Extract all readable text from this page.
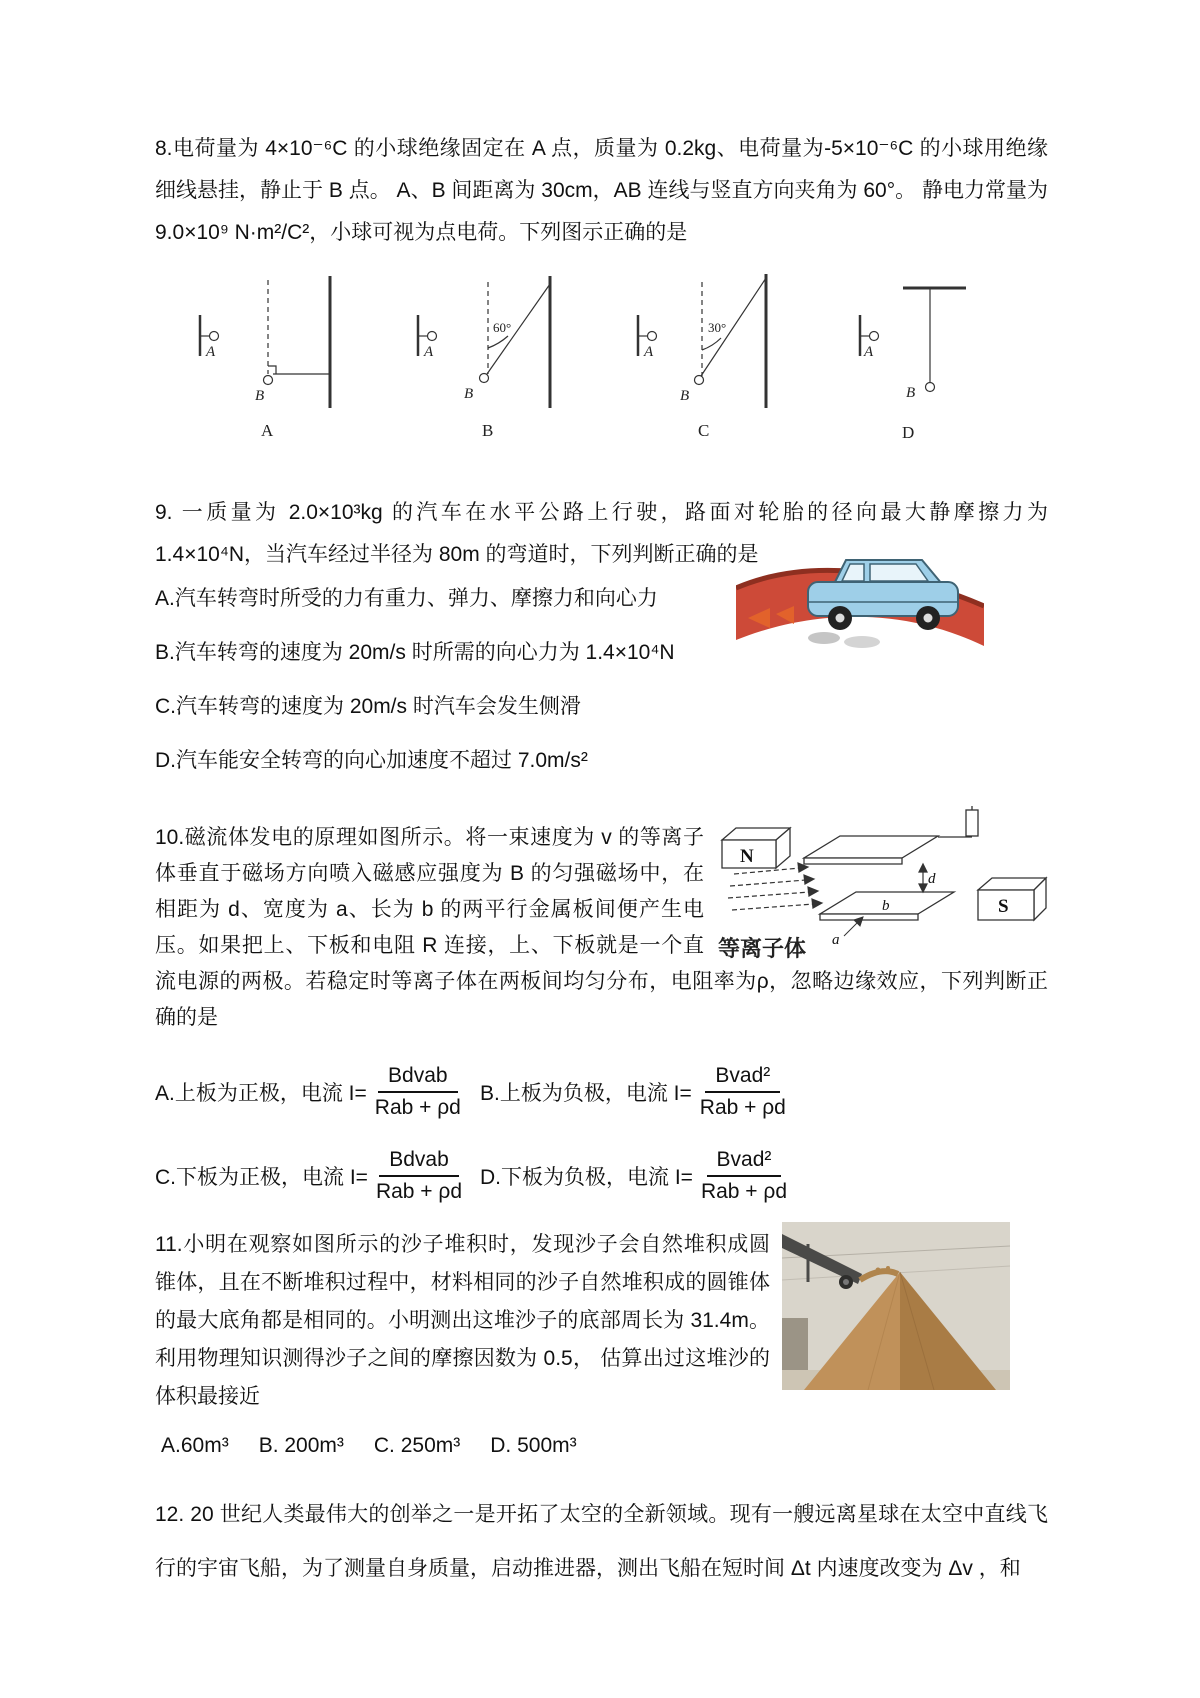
8.电荷量为 4×10⁻⁶C 的小球绝缘固定在 A 点，质量为 0.2kg、电荷量为-5×10⁻⁶C 的小球用绝缘细线悬挂，静止于 B 点。 A、B 间距离为 30cm，AB 连线与竖直方向夹角为 60°。 静电力常量为 9.0×10⁹ N·m²/C²，小球可视为点电荷。下列图示正确的是

A
B
A
A
B
60°
B
A
B
30°
C
A
B
D

9. 一质量为 2.0×10³kg 的汽车在水平公路上行驶，路面对轮胎的径向最大静摩擦力为 1.4×10⁴N，当汽车经过半径为 80m 的弯道时，下列判断正确的是

A.汽车转弯时所受的力有重力、弹力、摩擦力和向心力

B.汽车转弯的速度为 20m/s 时所需的向心力为 1.4×10⁴N

C.汽车转弯的速度为 20m/s 时汽车会发生侧滑

D.汽车能安全转弯的向心加速度不超过 7.0m/s²

N
S
d
a
b
等离子体

10.磁流体发电的原理如图所示。将一束速度为 v 的等离子体垂直于磁场方向喷入磁感应强度为 B 的匀强磁场中，在相距为 d、宽度为 a、长为 b 的两平行金属板间便产生电压。如果把上、下板和电阻 R 连接，上、下板就是一个直流电源的两极。若稳定时等离子体在两板间均匀分布，电阻率为ρ，忽略边缘效应，下列判断正确的是

A.上板为正极，电流 $I= \frac{\text{Bdvab}}{\text{Rab + ρd}} B$.上板为负极，电流 $I= \frac{\text{Bvad²}}{\text{Rab + ρd}}$
C.下板为正极，电流 $I= \frac{\text{Bdvab}}{\text{Rab + ρd}} D$.下板为负极，电流 $I= \frac{\text{Bvad²}}{\text{Rab + ρd}}$

11.小明在观察如图所示的沙子堆积时，发现沙子会自然堆积成圆锥体，且在不断堆积过程中，材料相同的沙子自然堆积成的圆锥体的最大底角都是相同的。小明测出这堆沙子的底部周长为 31.4m。利用物理知识测得沙子之间的摩擦因数为 0.5， 估算出过这堆沙的体积最接近

A.60m³ B. 200m³ C. 250m³ D. 500m³

12. 20 世纪人类最伟大的创举之一是开拓了太空的全新领域。现有一艘远离星球在太空中直线飞行的宇宙飞船，为了测量自身质量，启动推进器，测出飞船在短时间 Δt 内速度改变为 Δv ，和
